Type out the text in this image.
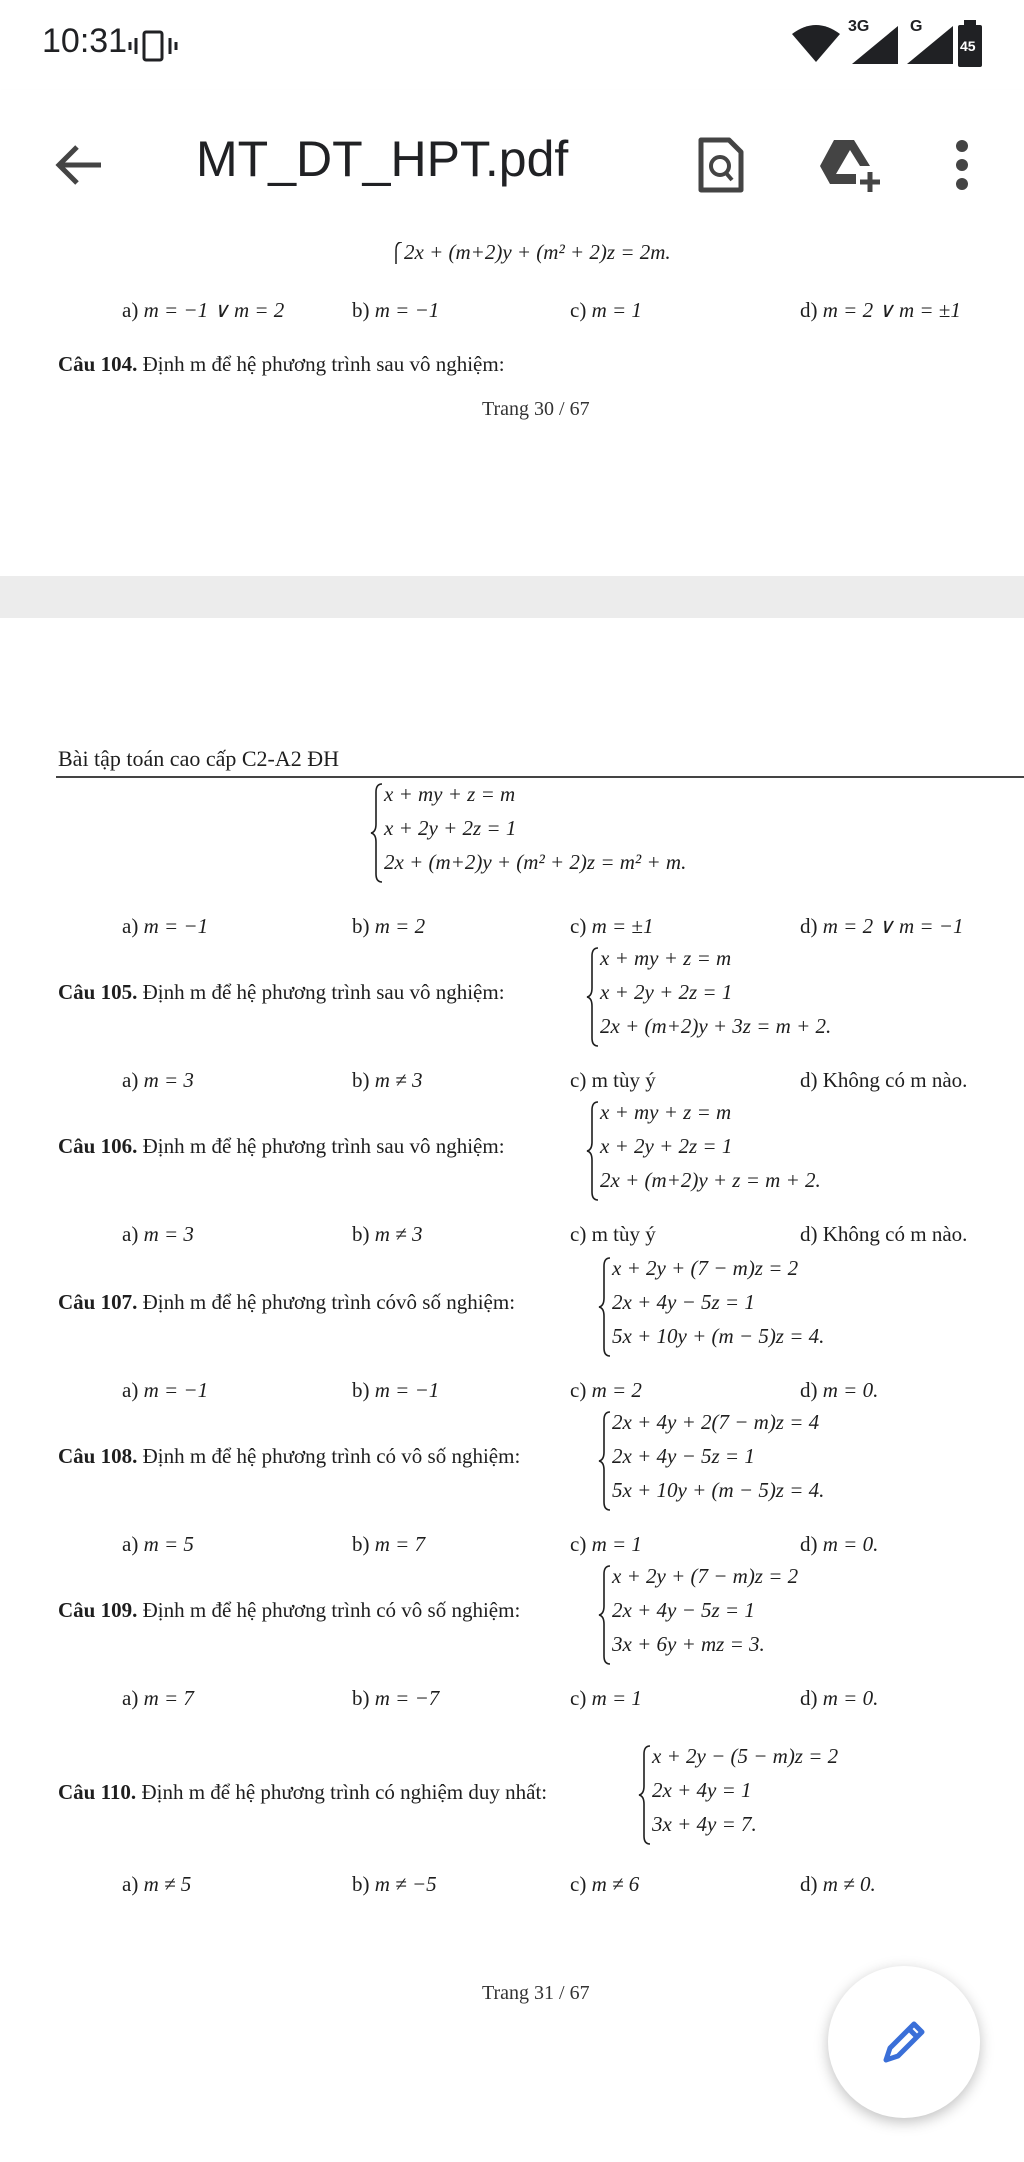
10:31	3G	G
45
MT_DT_HPT.pdf
2x + (m+2)y + (m² + 2)z = 2m.
a) m = −1 ∨ m = 2	b) m = −1	c) m = 1	d) m = 2 ∨ m = ±1
Câu 104. Định m để hệ phương trình sau vô nghiệm:
Trang 30 / 67
Bài tập toán cao cấp C2-A2 ĐH
x + my + z = m
x + 2y + 2z = 1
2x + (m+2)y + (m² + 2)z = m² + m.
a) m = −1	b) m = 2	c) m = ±1	d) m = 2 ∨ m = −1
Câu 105. Định m để hệ phương trình sau vô nghiệm:
x + my + z = m
x + 2y + 2z = 1
2x + (m+2)y + 3z = m + 2.
a) m = 3	b) m ≠ 3	c) m tùy ý	d) Không có m nào.
Câu 106. Định m để hệ phương trình sau vô nghiệm:
x + my + z = m
x + 2y + 2z = 1
2x + (m+2)y + z = m + 2.
a) m = 3	b) m ≠ 3	c) m tùy ý	d) Không có m nào.
Câu 107. Định m để hệ phương trình cóvô số nghiệm:
x + 2y + (7 − m)z = 2
2x + 4y − 5z = 1
5x + 10y + (m − 5)z = 4.
a) m = −1	b) m = −1	c) m = 2	d) m = 0.
Câu 108. Định m để hệ phương trình có vô số nghiệm:
2x + 4y + 2(7 − m)z = 4
2x + 4y − 5z = 1
5x + 10y + (m − 5)z = 4.
a) m = 5	b) m = 7	c) m = 1	d) m = 0.
Câu 109. Định m để hệ phương trình có vô số nghiệm:
x + 2y + (7 − m)z = 2
2x + 4y − 5z = 1
3x + 6y + mz = 3.
a) m = 7	b) m = −7	c) m = 1	d) m = 0.
Câu 110. Định m để hệ phương trình có nghiệm duy nhất:
x + 2y − (5 − m)z = 2
2x + 4y = 1
3x + 4y = 7.
a) m ≠ 5	b) m ≠ −5	c) m ≠ 6	d) m ≠ 0.
Trang 31 / 67
